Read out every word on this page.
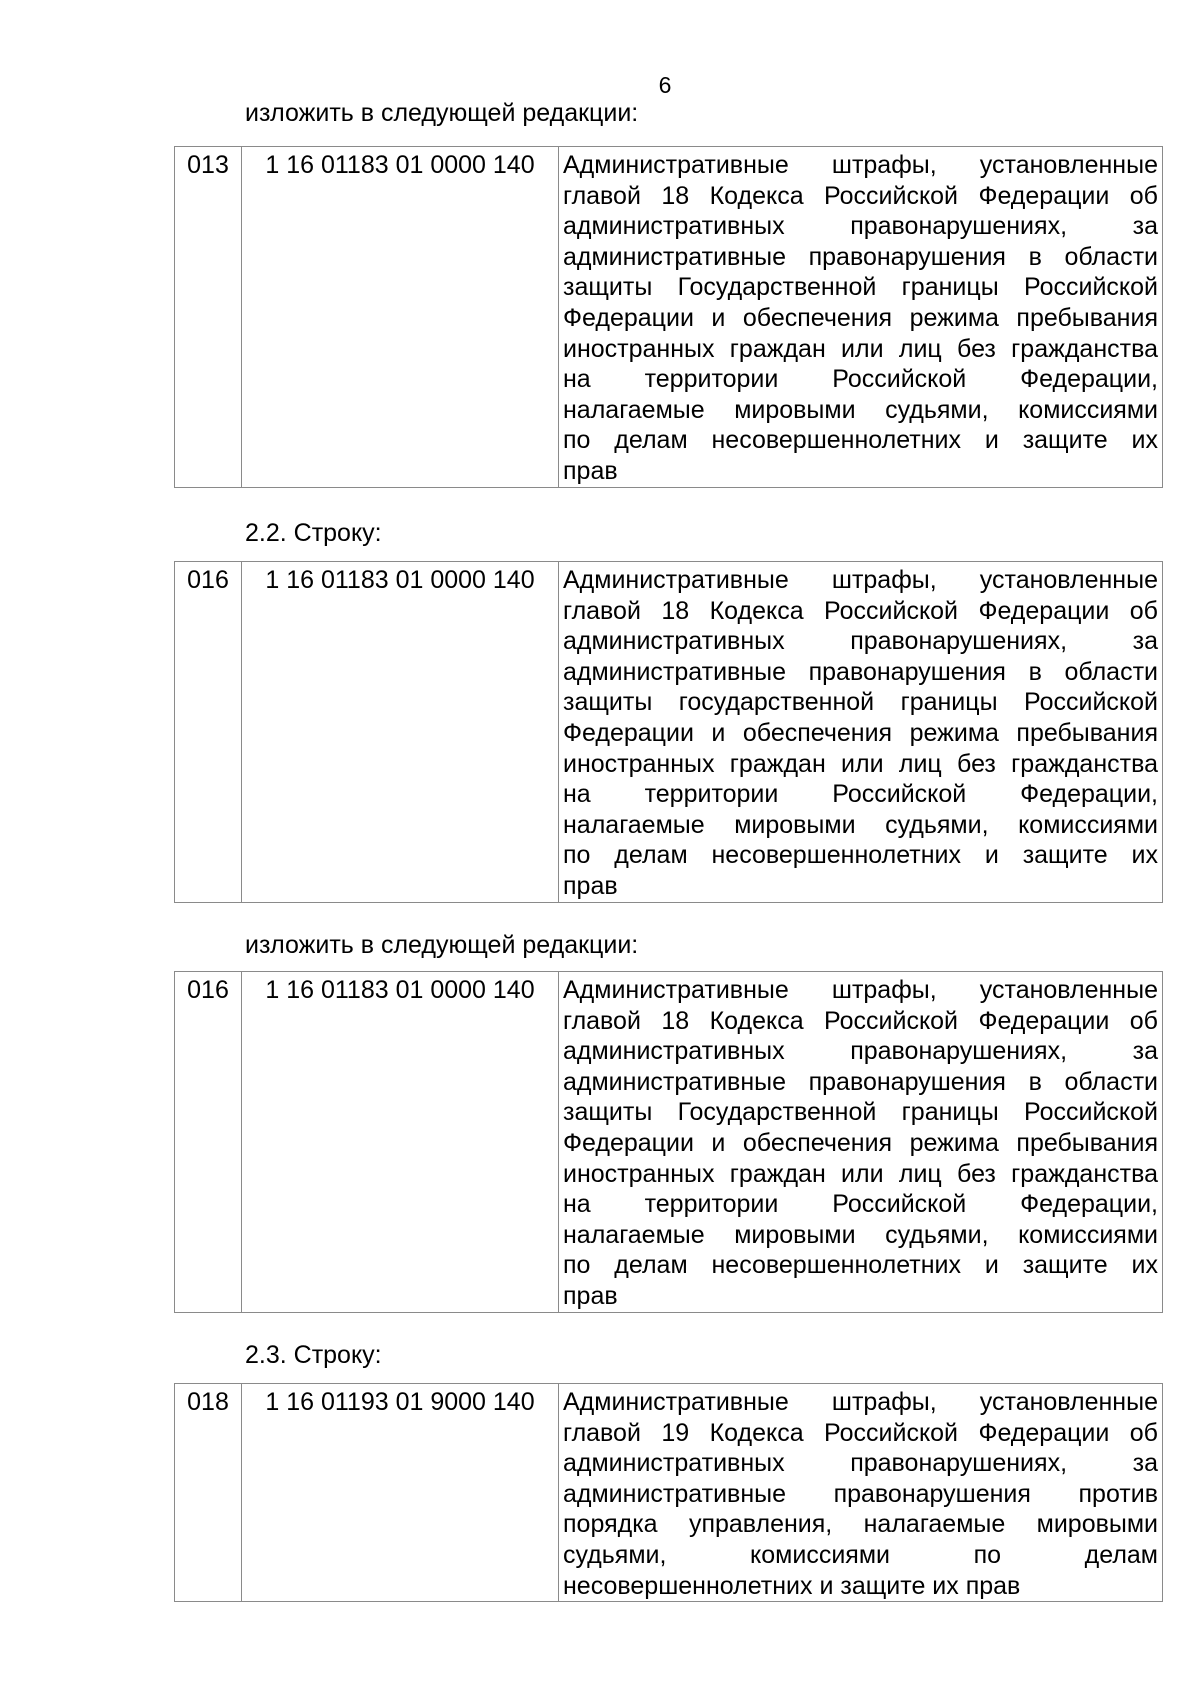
6
изложить в следующей редакции:
013	1 16 01183 01 0000 140	Административные штрафы, установленные
главой 18 Кодекса Российской Федерации об
административных правонарушениях, за
административные правонарушения в области
защиты Государственной границы Российской
Федерации и обеспечения режима пребывания
иностранных граждан или лиц без гражданства
на территории Российской Федерации,
налагаемые мировыми судьями, комиссиями
по делам несовершеннолетних и защите их
прав
2.2. Строку:
016	1 16 01183 01 0000 140	Административные штрафы, установленные
главой 18 Кодекса Российской Федерации об
административных правонарушениях, за
административные правонарушения в области
защиты государственной границы Российской
Федерации и обеспечения режима пребывания
иностранных граждан или лиц без гражданства
на территории Российской Федерации,
налагаемые мировыми судьями, комиссиями
по делам несовершеннолетних и защите их
прав
изложить в следующей редакции:
016	1 16 01183 01 0000 140	Административные штрафы, установленные
главой 18 Кодекса Российской Федерации об
административных правонарушениях, за
административные правонарушения в области
защиты Государственной границы Российской
Федерации и обеспечения режима пребывания
иностранных граждан или лиц без гражданства
на территории Российской Федерации,
налагаемые мировыми судьями, комиссиями
по делам несовершеннолетних и защите их
прав
2.3. Строку:
018	1 16 01193 01 9000 140	Административные штрафы, установленные
главой 19 Кодекса Российской Федерации об
административных правонарушениях, за
административные правонарушения против
порядка управления, налагаемые мировыми
судьями, комиссиями по делам
несовершеннолетних и защите их прав
